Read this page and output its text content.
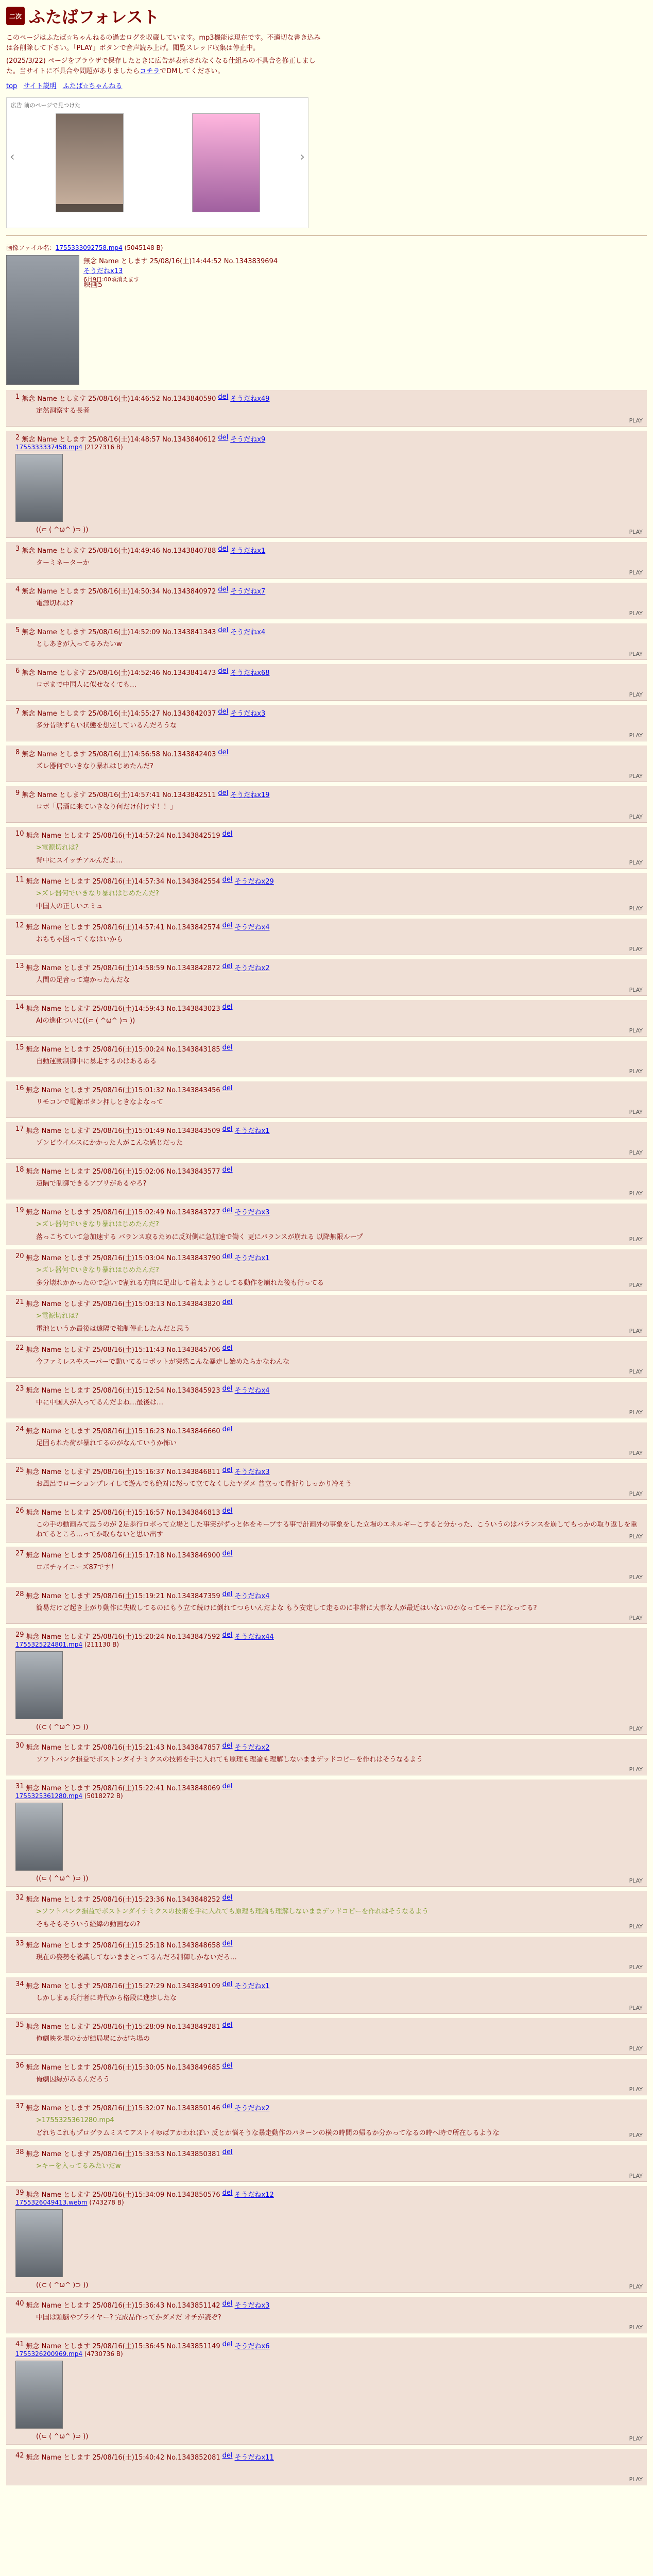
二次 ふたばフォレスト
このページはふたば☆ちゃんねるの過去ログを収蔵しています。mp3機能は現在です。不適切な書き込みは各削除して下さい。「PLAY」ボタンで音声読み上げ。閲覧スレッド収集は停止中。
(2025/3/22) ページをブラウザで保存したときに広告が表示されなくなる仕組みの不具合を修正しました。当サイトに不具合や問題がありましたらコチラでDMしてください。
top サイト説明 ふたば☆ちゃんねる
広告 前のページで見つけた
‹
	›
画像ファイル名：1755333092758.mp4 (5045148 B)
無念 Name とします 25/08/16(土)14:44:52 No.1343839694
そうだねx13
6月9日:00頃消えます
映画5
1 無念 Name とします 25/08/16(土)14:46:52 No.1343840590 del そうだねx49
定然洞察する長者
PLAY
2 無念 Name とします 25/08/16(土)14:48:57 No.1343840612 del そうだねx9
1755333337458.mp4 (2127316 B)
((⊂ ( ^ω^ )⊃ ))	PLAY
3 無念 Name とします 25/08/16(土)14:49:46 No.1343840788 del そうだねx1
ターミネーターか
PLAY
4 無念 Name とします 25/08/16(土)14:50:34 No.1343840972 del そうだねx7
電源切れは?
PLAY
5 無念 Name とします 25/08/16(土)14:52:09 No.1343841343 del そうだねx4
としあきが入ってるみたいw
PLAY
6 無念 Name とします 25/08/16(土)14:52:46 No.1343841473 del そうだねx68
ロボまで中国人に似せなくても…
PLAY
7 無念 Name とします 25/08/16(土)14:55:27 No.1343842037 del そうだねx3
多分昔映ずらい状態を想定しているんだろうな
PLAY
8 無念 Name とします 25/08/16(土)14:56:58 No.1343842403 del
ズレ器何でいきなり暴れはじめたんだ?
PLAY
9 無念 Name とします 25/08/16(土)14:57:41 No.1343842511 del そうだねx19
ロボ「居酒に来ていきなり何だけ付けす！！」
PLAY
10 無念 Name とします 25/08/16(土)14:57:24 No.1343842519 del
>電源切れは?
背中にスイッチアルんだよ…	PLAY
11 無念 Name とします 25/08/16(土)14:57:34 No.1343842554 del そうだねx29
>ズレ器何でいきなり暴れはじめたんだ?
中国人の正しいエミュ	PLAY
12 無念 Name とします 25/08/16(土)14:57:41 No.1343842574 del そうだねx4
おちちゃ困ってくなはいから
PLAY
13 無念 Name とします 25/08/16(土)14:58:59 No.1343842872 del そうだねx2
人間の足音って違かったんだな
PLAY
14 無念 Name とします 25/08/16(土)14:59:43 No.1343843023 del
AIの進化ついに((⊂ ( ^ω^ )⊃ ))
PLAY
15 無念 Name とします 25/08/16(土)15:00:24 No.1343843185 del
自動運動制御中に暴走するのはあるある
PLAY
16 無念 Name とします 25/08/16(土)15:01:32 No.1343843456 del
リモコンで電源ボタン押しときなよなって
PLAY
17 無念 Name とします 25/08/16(土)15:01:49 No.1343843509 del そうだねx1
ゾンビウイルスにかかった人がこんな感じだった
PLAY
18 無念 Name とします 25/08/16(土)15:02:06 No.1343843577 del
遠隔で制御できるアプリがあるやろ?
PLAY
19 無念 Name とします 25/08/16(土)15:02:49 No.1343843727 del そうだねx3
>ズレ器何でいきなり暴れはじめたんだ?
落っこちていて急加速する バランス取るために反対側に急加速で働く 更にバランスが崩れる 以降無限ループ	PLAY
20 無念 Name とします 25/08/16(土)15:03:04 No.1343843790 del そうだねx1
>ズレ器何でいきなり暴れはじめたんだ?
多分壊れかかったので急いで割れる方向に足出して着えようとしてる動作を崩れた後も行ってる	PLAY
21 無念 Name とします 25/08/16(土)15:03:13 No.1343843820 del
>電源切れは?
電池というか最後は遠隔で強制停止したんだと思う	PLAY
22 無念 Name とします 25/08/16(土)15:11:43 No.1343845706 del
今ファミレスやスーパーで動いてるロボットが突然こんな暴走し始めたらかなわんな
PLAY
23 無念 Name とします 25/08/16(土)15:12:54 No.1343845923 del そうだねx4
中に中国人が入ってるんだよね…最後は…
PLAY
24 無念 Name とします 25/08/16(土)15:16:23 No.1343846660 del
足固られた荷が暴れてるのがなんていうか怖い
PLAY
25 無念 Name とします 25/08/16(土)15:16:37 No.1343846811 del そうだねx3
お風呂でローションプレイして遊んでも絶対に怒って立てなくしたヤダメ 普立って骨折りしっかり冷そう
PLAY
26 無念 Name とします 25/08/16(土)15:16:57 No.1343846813 del
この手の動画みて思うのが 2足歩行ロボって立場とした事実がずっと体をキープする事で計画外の事象をした立場のエネルギーこすると分かった、こういうのはバランスを崩してもっかの取り返しを重ねてるところ…ってか取らないと思い出す	PLAY
27 無念 Name とします 25/08/16(土)15:17:18 No.1343846900 del
ロボチャイニーズ87です！
PLAY
28 無念 Name とします 25/08/16(土)15:19:21 No.1343847359 del そうだねx4
簡易だけど起き上がり動作に失敗してるのにもう立て続けに倒れてつらいんだよな もう安定して走るのに非常に大事な人が最近はいないのかなってモードになってる?
PLAY
29 無念 Name とします 25/08/16(土)15:20:24 No.1343847592 del そうだねx44
1755325224801.mp4 (211130 B)
((⊂ ( ^ω^ )⊃ ))	PLAY
30 無念 Name とします 25/08/16(土)15:21:43 No.1343847857 del そうだねx2
ソフトバンク損益でボストンダイナミクスの技術を手に入れても原理も理論も理解しないままデッドコピーを作れはそうなるよう
PLAY
31 無念 Name とします 25/08/16(土)15:22:41 No.1343848069 del
1755325361280.mp4 (5018272 B)
((⊂ ( ^ω^ )⊃ ))	PLAY
32 無念 Name とします 25/08/16(土)15:23:36 No.1343848252 del
>ソフトバンク損益でボストンダイナミクスの技術を手に入れても原理も理論も理解しないままデッドコピーを作れはそうなるよう
そもそもそういう経緯の動画なの?	PLAY
33 無念 Name とします 25/08/16(土)15:25:18 No.1343848658 del
現在の姿勢を認識してないままとってるんだろ制御しかないだろ…
PLAY
34 無念 Name とします 25/08/16(土)15:27:29 No.1343849109 del そうだねx1
しかしまぁ兵行者に時代から格段に進歩したな
PLAY
35 無念 Name とします 25/08/16(土)15:28:09 No.1343849281 del
俺劇映を場のかが結局場にかがち場の
PLAY
36 無念 Name とします 25/08/16(土)15:30:05 No.1343849685 del
俺劇因縁がみるんだろう
PLAY
37 無念 Name とします 25/08/16(土)15:32:07 No.1343850146 del そうだねx2
>1755325361280.mp4
どれちこれもプログラムミスてアストイゆばアかわれぼい 反とか悩そうな暴走動作のパターンの横の時間の帰るか分かってなるの時へ時で所在しるような	PLAY
38 無念 Name とします 25/08/16(土)15:33:53 No.1343850381 del
>キーを入ってるみたいだw
PLAY
39 無念 Name とします 25/08/16(土)15:34:09 No.1343850576 del そうだねx12
1755326049413.webm (743278 B)
((⊂ ( ^ω^ )⊃ ))	PLAY
40 無念 Name とします 25/08/16(土)15:36:43 No.1343851142 del そうだねx3
中国は頭脳やブライヤー? 完成品作ってかダメだ オチが読ぞ?
PLAY
41 無念 Name とします 25/08/16(土)15:36:45 No.1343851149 del そうだねx6
1755326200969.mp4 (4730736 B)
((⊂ ( ^ω^ )⊃ ))	PLAY
42 無念 Name とします 25/08/16(土)15:40:42 No.1343852081 del そうだねx11
PLAY
